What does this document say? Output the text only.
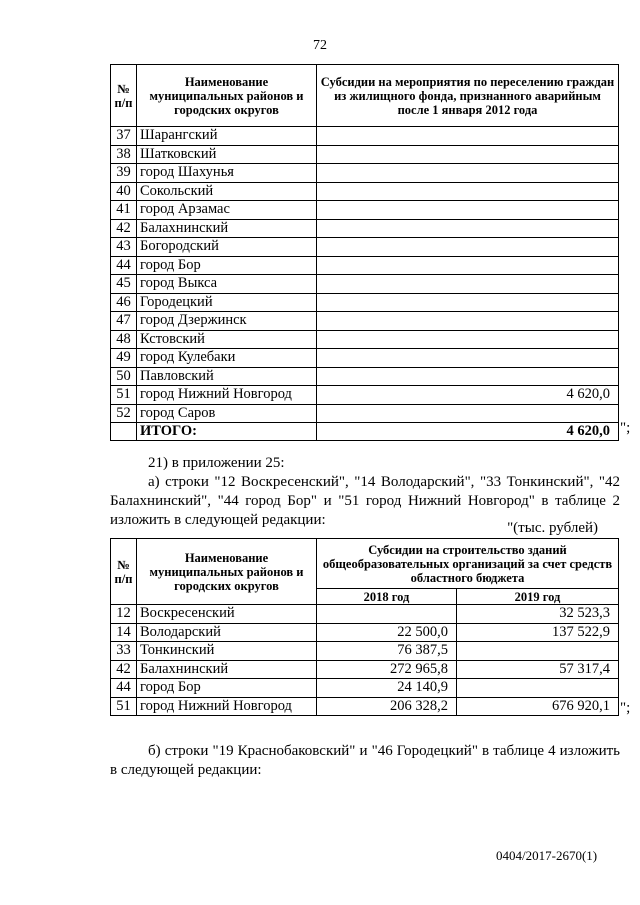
72
№ п/п	Наименование муниципальных районов и городских округов	Субсидии на мероприятия по переселению граждан из жилищного фонда, признанного аварийным после 1 января 2012 года
37	Шарангский	
38	Шатковский	
39	город Шахунья	
40	Сокольский	
41	город Арзамас	
42	Балахнинский	
43	Богородский	
44	город Бор	
45	город Выкса	
46	Городецкий	
47	город Дзержинск	
48	Кстовский	
49	город Кулебаки	
50	Павловский	
51	город Нижний Новгород	4 620,0
52	город Саров	
	ИТОГО:	4 620,0 ";
21) в приложении 25:
а) строки "12 Воскресенский", "14 Володарский", "33 Тонкинский", "42 Балахнинский", "44 город Бор" и "51 город Нижний Новгород" в таблице 2 изложить в следующей редакции:	"(тыс. рублей)
№ п/п	Наименование муниципальных районов и городских округов	Субсидии на строительство зданий общеобразовательных организаций за счет средств областного бюджета	
		2018 год	2019 год
12	Воскресенский		32 523,3
14	Володарский	22 500,0	137 522,9
33	Тонкинский	76 387,5	
42	Балахнинский	272 965,8	57 317,4
44	город Бор	24 140,9	
51	город Нижний Новгород	206 328,2	676 920,1 ";
б) строки "19 Краснобаковский" и "46 Городецкий" в таблице 4 изложить в следующей редакции:
0404/2017-2670(1)
